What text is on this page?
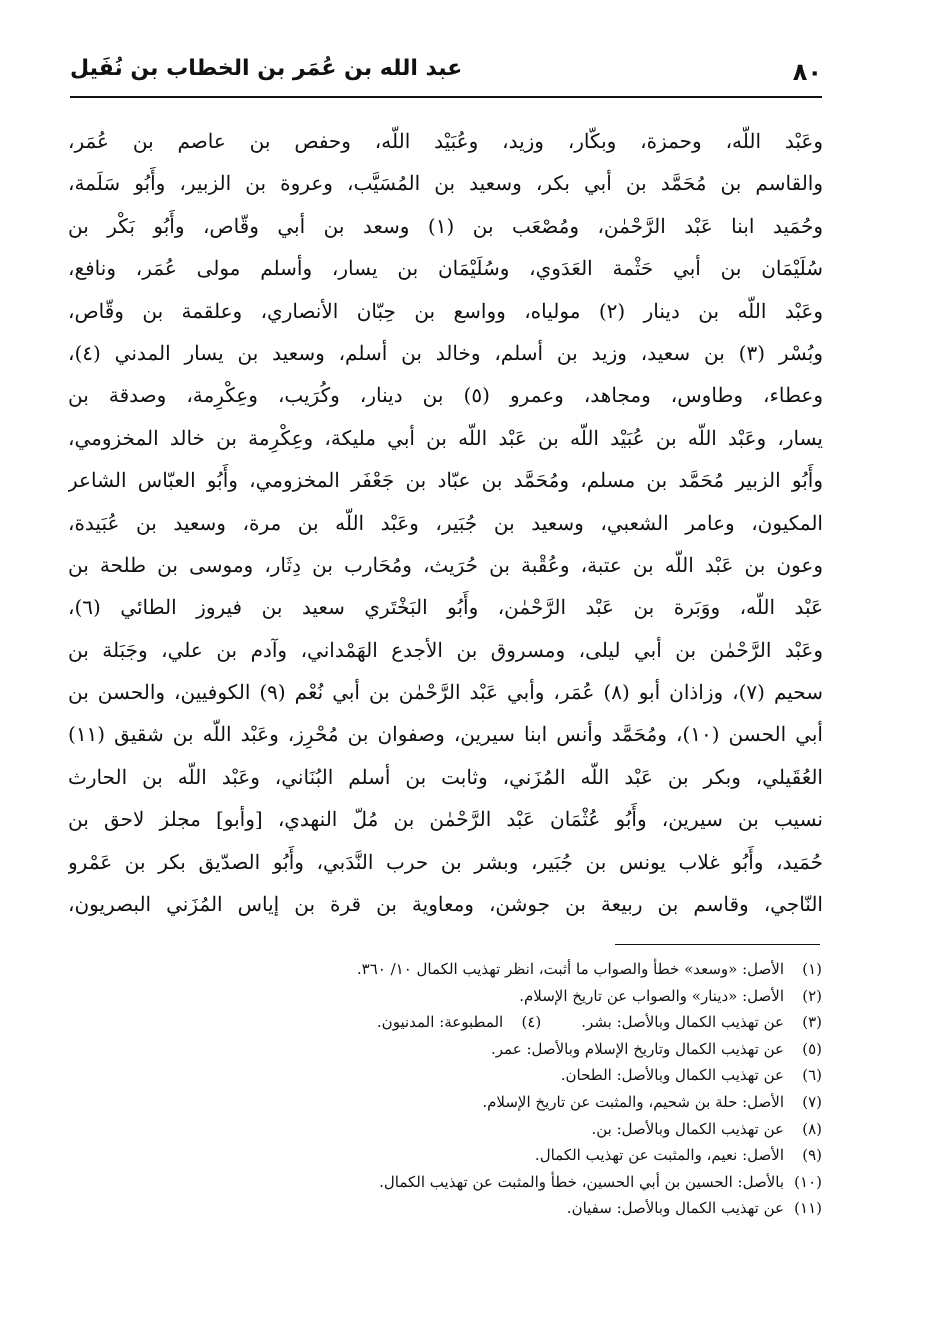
٨٠
عبد الله بن عُمَر بن الخطاب بن نُفَيل
وعَبْد اللّه، وحمزة، وبكّار، وزيد، وعُبَيْد اللّه، وحفص بن عاصم بن عُمَر،
والقاسم بن مُحَمَّد بن أبي بكر، وسعيد بن المُسَيَّب، وعروة بن الزبير، وأَبُو سَلَمة،
وحُمَيد ابنا عَبْد الرَّحْمٰن، ومُصْعَب بن (١) وسعد بن أبي وقّاص، وأَبُو بَكْر بن
سُلَيْمَان بن أبي حَثْمة العَدَوي، وسُلَيْمَان بن يسار، وأسلم مولى عُمَر، ونافع،
وعَبْد اللّه بن دينار (٢) مولياه، وواسع بن حِبّان الأنصاري، وعلقمة بن وقّاص،
وبُسْر (٣) بن سعيد، وزيد بن أسلم، وخالد بن أسلم، وسعيد بن يسار المدني (٤)،
وعطاء، وطاوس، ومجاهد، وعمرو (٥) بن دينار، وكُرَيب، وعِكْرِمة، وصدقة بن
يسار، وعَبْد اللّه بن عُبَيْد اللّه بن عَبْد اللّه بن أبي مليكة، وعِكْرِمة بن خالد المخزومي،
وأَبُو الزبير مُحَمَّد بن مسلم، ومُحَمَّد بن عبّاد بن جَعْفَر المخزومي، وأَبُو العبّاس الشاعر
المكيون، وعامر الشعبي، وسعيد بن جُبَير، وعَبْد اللّه بن مرة، وسعيد بن عُبَيدة،
وعون بن عَبْد اللّه بن عتبة، وعُقْبة بن حُرَيث، ومُحَارب بن دِثَار، وموسى بن طلحة بن
عَبْد اللّه، ووَبَرة بن عَبْد الرَّحْمٰن، وأَبُو البَخْتَري سعيد بن فيروز الطائي (٦)،
وعَبْد الرَّحْمٰن بن أبي ليلى، ومسروق بن الأجدع الهَمْداني، وآدم بن علي، وجَبَلة بن
سحيم (٧)، وزاذان أبو (٨) عُمَر، وأبي عَبْد الرَّحْمٰن بن أبي نُعْم (٩) الكوفيين، والحسن بن
أبي الحسن (١٠)، ومُحَمَّد وأنس ابنا سيرين، وصفوان بن مُحْرِز، وعَبْد اللّه بن شقيق (١١)
العُقَيلي، وبكر بن عَبْد اللّه المُزَني، وثابت بن أسلم البُنَاني، وعَبْد اللّه بن الحارث
نسيب بن سيرين، وأَبُو عُثْمَان عَبْد الرَّحْمٰن بن مُلّ النهدي، [وأبو] مجلز لاحق بن
حُمَيد، وأَبُو غلاب يونس بن جُبَير، وبشر بن حرب النَّدَبي، وأَبُو الصدّيق بكر بن عَمْرو
النّاجي، وقاسم بن ربيعة بن جوشن، ومعاوية بن قرة بن إياس المُزَني البصريون،
(١)الأصل: «وسعد» خطأ والصواب ما أثبت، انظر تهذيب الكمال ١٠/ ٣٦٠.
(٢)الأصل: «دينار» والصواب عن تاريخ الإسلام.
(٣)عن تهذيب الكمال وبالأصل: بشر.(٤)المطبوعة: المدنيون.
(٥)عن تهذيب الكمال وتاريخ الإسلام وبالأصل: عمر.
(٦)عن تهذيب الكمال وبالأصل: الطحان.
(٧)الأصل: حلة بن شحيم، والمثبت عن تاريخ الإسلام.
(٨)عن تهذيب الكمال وبالأصل: بن.
(٩)الأصل: نعيم، والمثبت عن تهذيب الكمال.
(١٠)بالأصل: الحسين بن أبي الحسين، خطأ والمثبت عن تهذيب الكمال.
(١١)عن تهذيب الكمال وبالأصل: سفيان.
